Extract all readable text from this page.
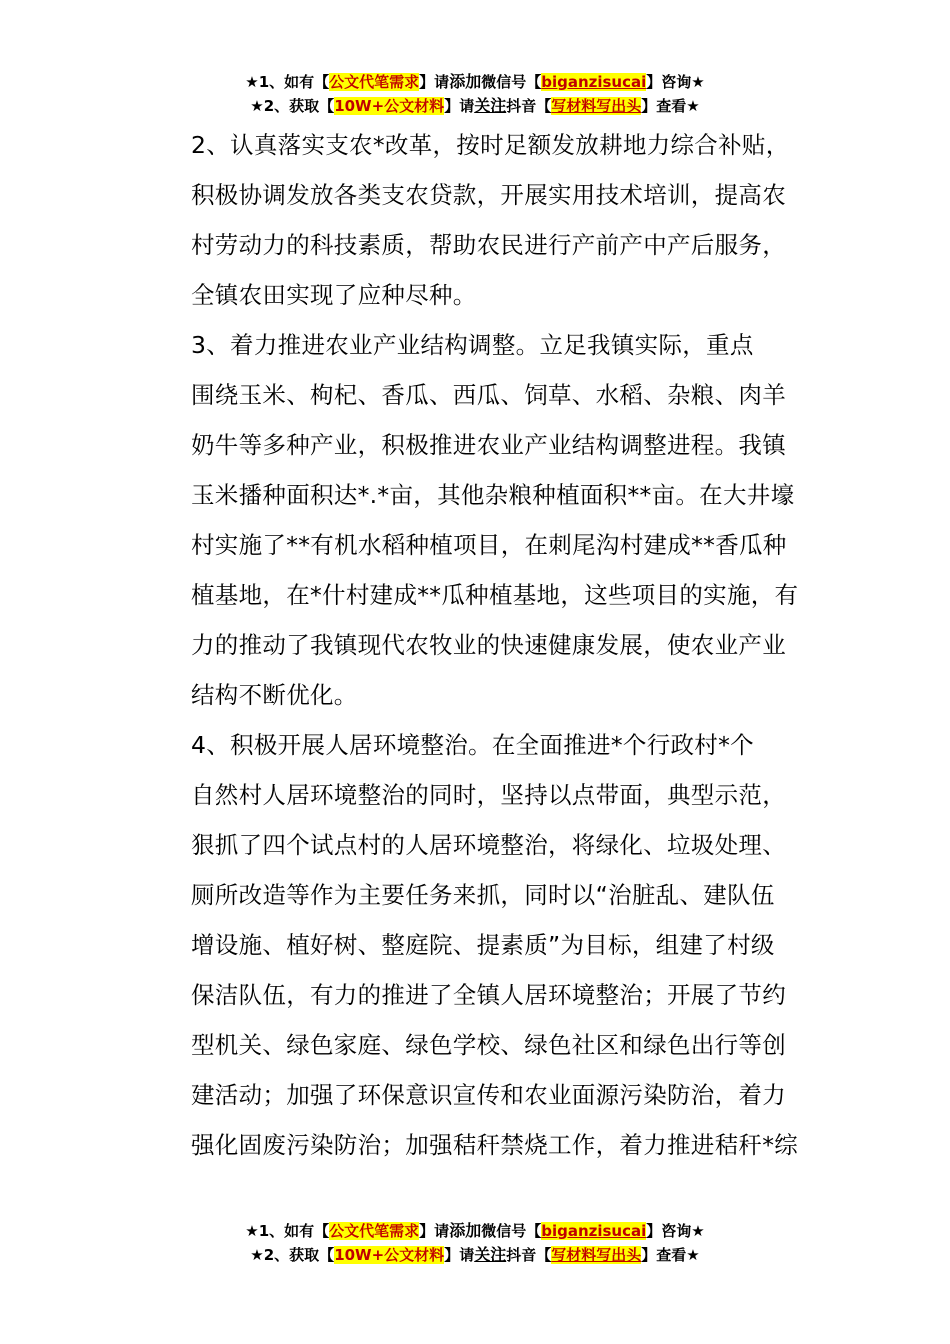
★1、如有【公文代笔需求】请添加微信号【biganzisucai】咨询★
★2、获取【10W+公文材料】请关注抖音【写材料写出头】查看★

2、认真落实支农*改革，按时足额发放耕地力综合补贴，
积极协调发放各类支农贷款，开展实用技术培训，提高农
村劳动力的科技素质，帮助农民进行产前产中产后服务，
全镇农田实现了应种尽种。

3、着力推进农业产业结构调整。立足我镇实际，重点
围绕玉米、枸杞、香瓜、西瓜、饲草、水稻、杂粮、肉羊
奶牛等多种产业，积极推进农业产业结构调整进程。我镇
玉米播种面积达*.*亩，其他杂粮种植面积**亩。在大井壕
村实施了**有机水稻种植项目，在刺尾沟村建成**香瓜种
植基地，在*什村建成**瓜种植基地，这些项目的实施，有
力的推动了我镇现代农牧业的快速健康发展，使农业产业
结构不断优化。

4、积极开展人居环境整治。在全面推进*个行政村*个
自然村人居环境整治的同时，坚持以点带面，典型示范，
狠抓了四个试点村的人居环境整治，将绿化、垃圾处理、
厕所改造等作为主要任务来抓，同时以“治脏乱、建队伍
增设施、植好树、整庭院、提素质”为目标，组建了村级
保洁队伍，有力的推进了全镇人居环境整治；开展了节约
型机关、绿色家庭、绿色学校、绿色社区和绿色出行等创
建活动；加强了环保意识宣传和农业面源污染防治，着力
强化固废污染防治；加强秸秆禁烧工作，着力推进秸秆*综

★1、如有【公文代笔需求】请添加微信号【biganzisucai】咨询★
★2、获取【10W+公文材料】请关注抖音【写材料写出头】查看★
